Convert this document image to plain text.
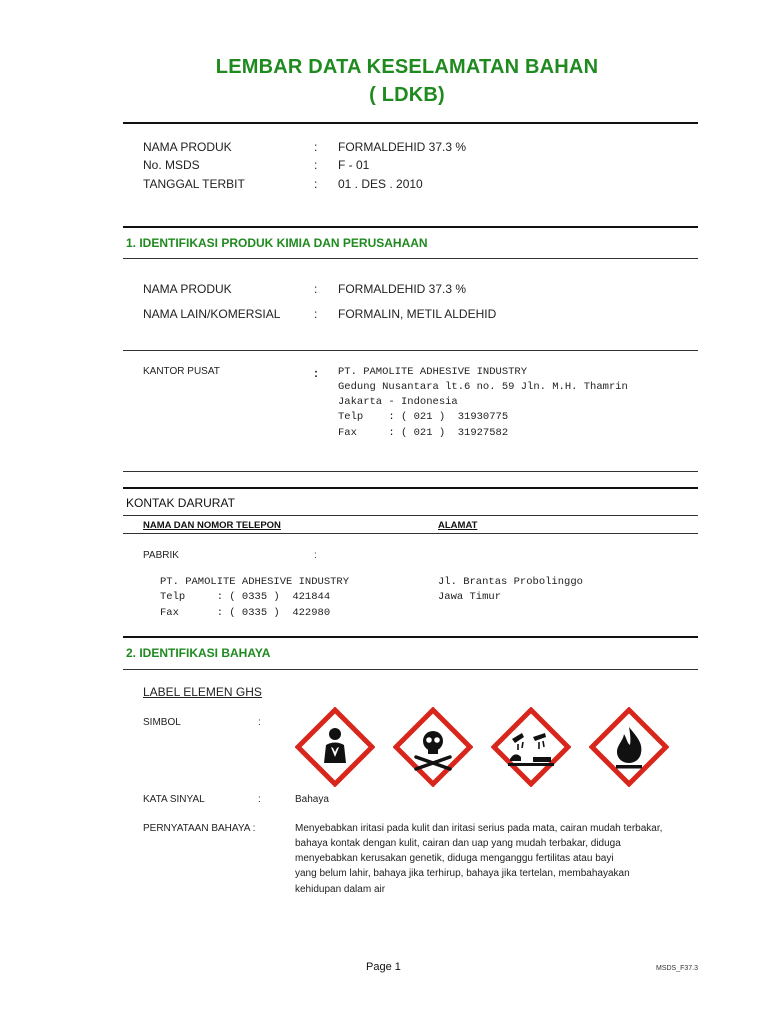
LEMBAR DATA KESELAMATAN BAHAN
( LDKB)
NAMA PRODUK	: FORMALDEHID 37.3 %
No. MSDS	: F - 01
TANGGAL TERBIT	: 01 . DES . 2010
1. IDENTIFIKASI PRODUK KIMIA DAN PERUSAHAAN
NAMA PRODUK	: FORMALDEHID 37.3 %
NAMA LAIN/KOMERSIAL	: FORMALIN, METIL ALDEHID
KANTOR PUSAT	: PT. PAMOLITE ADHESIVE INDUSTRY
Gedung Nusantara lt.6 no. 59 Jln. M.H. Thamrin
Jakarta - Indonesia
Telp    : ( 021 )  31930775
Fax     : ( 021 )  31927582
KONTAK DARURAT
NAMA DAN NOMOR TELEPON	ALAMAT
PABRIK	:
PT. PAMOLITE ADHESIVE INDUSTRY
Telp     : ( 0335 )  421844
Fax      : ( 0335 )  422980
Jl. Brantas Probolinggo
Jawa Timur
2. IDENTIFIKASI BAHAYA
LABEL ELEMEN GHS
SIMBOL	:
KATA SINYAL	:	Bahaya
PERNYATAAN BAHAYA :	Menyebabkan iritasi pada kulit dan iritasi serius pada mata, cairan mudah terbakar,
bahaya kontak dengan kulit, cairan dan uap yang mudah terbakar, diduga
menyebabkan kerusakan genetik, diduga menganggu fertilitas atau bayi
yang belum lahir, bahaya jika terhirup, bahaya jika tertelan, membahayakan
kehidupan dalam air
Page 1	MSDS_F37.3
